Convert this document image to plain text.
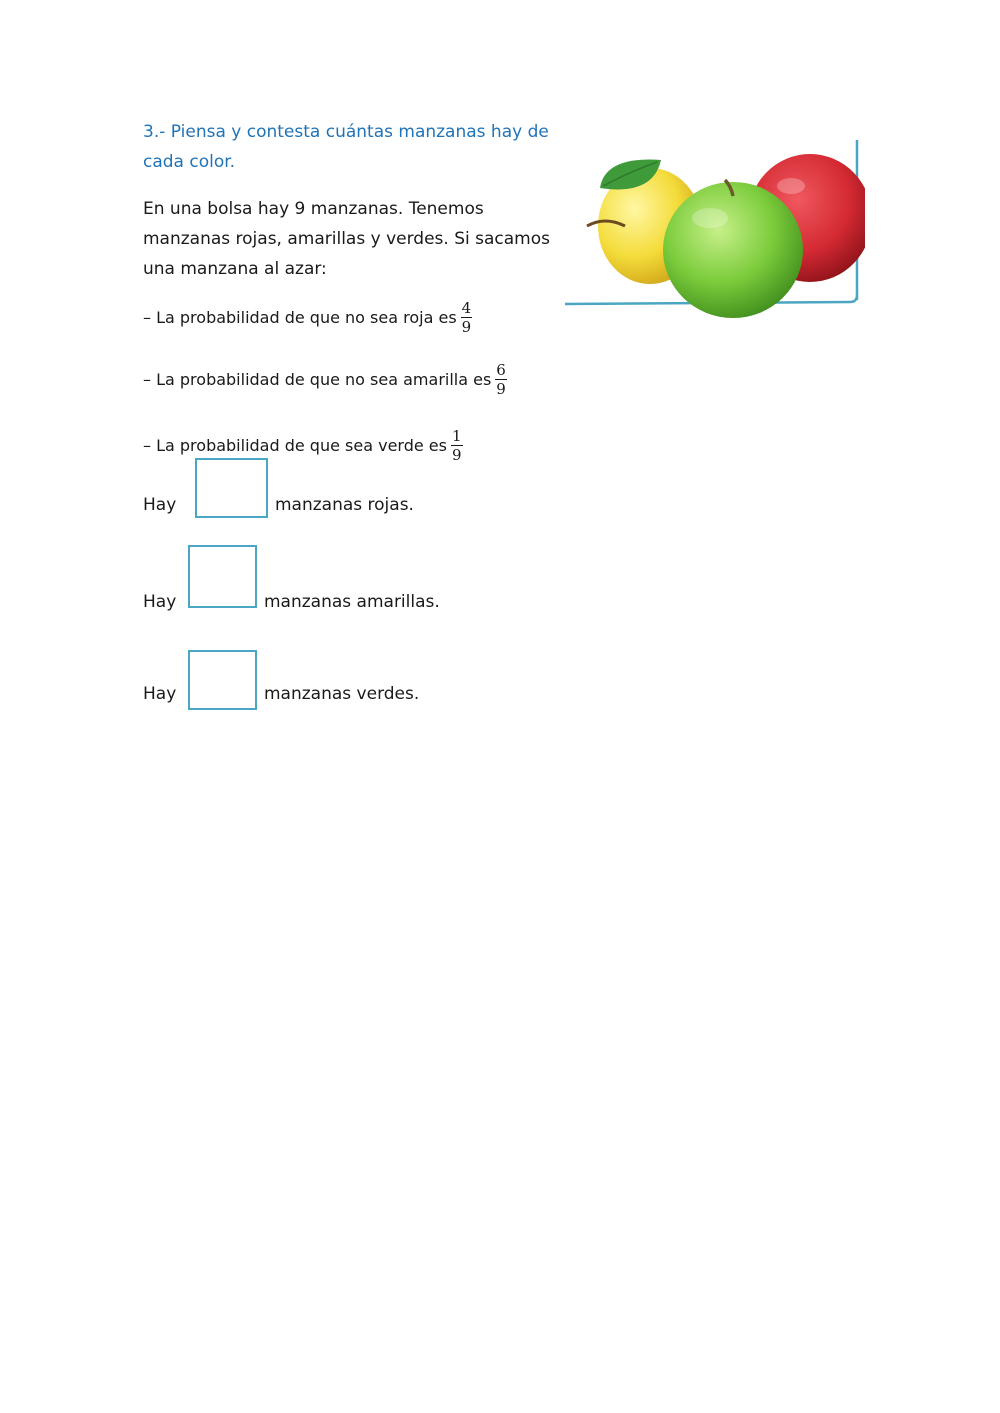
3.- Piensa y contesta cuántas manzanas hay de cada color.
En una bolsa hay 9 manzanas. Tenemos manzanas rojas, amarillas y verdes. Si sacamos una manzana al azar:
– La probabilidad de que no sea roja es $\frac{4}{9}$
– La probabilidad de que no sea amarilla es $\frac{6}{9}$
– La probabilidad de que sea verde es $\frac{1}{9}$
Hay	manzanas rojas.
Hay	manzanas amarillas.
Hay	manzanas verdes.
